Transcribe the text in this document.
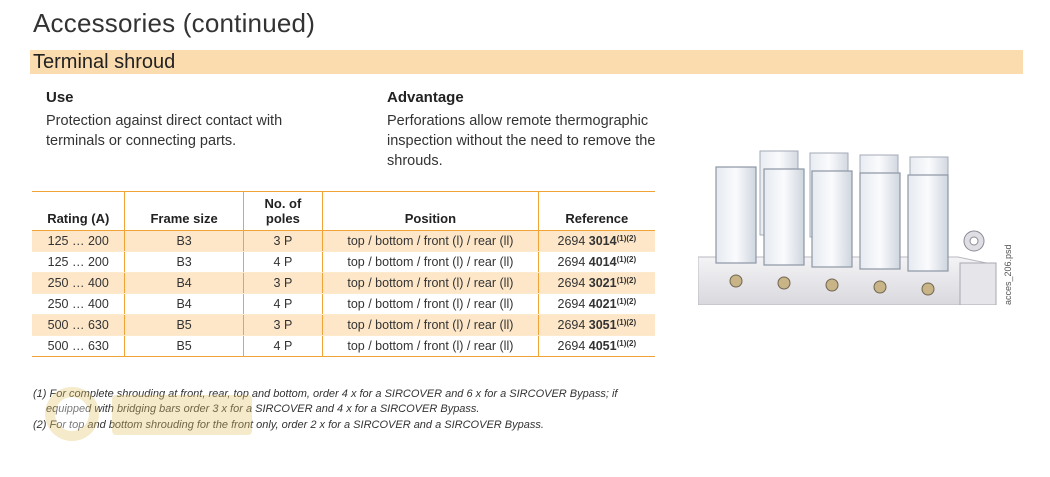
Accessories (continued)
Terminal shroud
Use
Protection against direct contact with
terminals or connecting parts.
Advantage
Perforations allow remote thermographic
inspection without the need to remove the
shrouds.
Rating (A)	Frame size	No. of
poles	Position	Reference
125 … 200	B3	3 P	top / bottom / front (l) / rear (ll)	2694 $3014^{(1)(2)}$
125 … 200	B3	4 P	top / bottom / front (l) / rear (ll)	2694 $4014^{(1)(2)}$
250 … 400	B4	3 P	top / bottom / front (l) / rear (ll)	2694 $3021^{(1)(2)}$
250 … 400	B4	4 P	top / bottom / front (l) / rear (ll)	2694 $4021^{(1)(2)}$
500 … 630	B5	3 P	top / bottom / front (l) / rear (ll)	2694 $3051^{(1)(2)}$
500 … 630	B5	4 P	top / bottom / front (l) / rear (ll)	2694 $4051^{(1)(2)}$
(1) For complete shrouding at front, rear, top and bottom, order 4 x for a SIRCOVER and 6 x for a SIRCOVER Bypass; if
equipped with bridging bars order 3 x for a SIRCOVER and 4 x for a SIRCOVER Bypass.
(2) For top and bottom shrouding for the front only, order 2 x for a SIRCOVER and a SIRCOVER Bypass.
acces_206.psd
